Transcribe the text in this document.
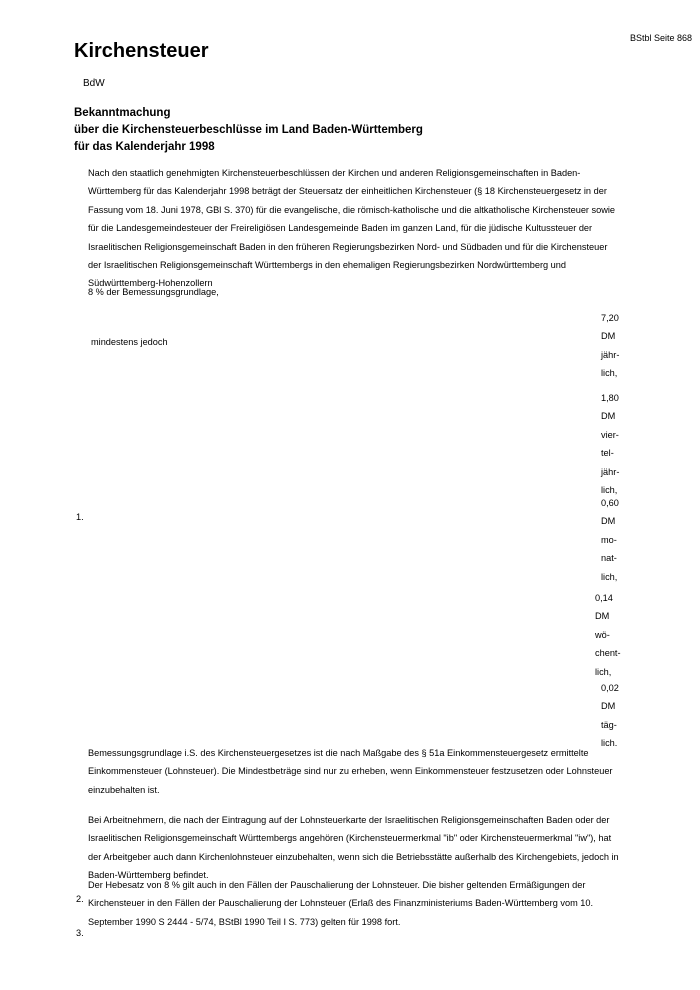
BStbl Seite 868
Kirchensteuer
BdW
Bekanntmachung
über die Kirchensteuerbeschlüsse im Land Baden-Württemberg
für das Kalenderjahr 1998
Nach den staatlich genehmigten Kirchensteuerbeschlüssen der Kirchen und anderen Religionsgemeinschaften in Baden-Württemberg für das Kalenderjahr 1998 beträgt der Steuersatz der einheitlichen Kirchensteuer (§ 18 Kirchensteuergesetz in der Fassung vom 18. Juni 1978, GBl S. 370) für die evangelische, die römisch-katholische und die altkatholische Kirchensteuer sowie für die Landesgemeindesteuer der Freireligiösen Landesgemeinde Baden im ganzen Land, für die jüdische Kultussteuer der Israelitischen Religionsgemeinschaft Baden in den früheren Regierungsbezirken Nord- und Südbaden und für die Kirchensteuer der Israelitischen Religionsgemeinschaft Württembergs in den ehemaligen Regierungsbezirken Nordwürttemberg und Südwürttemberg-Hohenzollern
8 % der Bemessungsgrundlage,
mindestens jedoch
1.
2.
3.
7,20
DM
jähr-
lich,
1,80
DM
vier-
tel-
jähr-
lich,
0,60
DM
mo-
nat-
lich,
0,14
DM
wö-
chent-
lich,
0,02
DM
täg-
lich.
Bemessungsgrundlage i.S. des Kirchensteuergesetzes ist die nach Maßgabe des § 51a Einkommensteuergesetz ermittelte Einkommensteuer (Lohnsteuer). Die Mindestbeträge sind nur zu erheben, wenn Einkommensteuer festzusetzen oder Lohnsteuer einzubehalten ist.
Bei Arbeitnehmern, die nach der Eintragung auf der Lohnsteuerkarte der Israelitischen Religionsgemeinschaften Baden oder der Israelitischen Religionsgemeinschaft Württembergs angehören (Kirchensteuermerkmal "ib" oder Kirchensteuermerkmal "iw"), hat der Arbeitgeber auch dann Kirchenlohnsteuer einzubehalten, wenn sich die Betriebsstätte außerhalb des Kirchengebiets, jedoch in Baden-Württemberg befindet.
Der Hebesatz von 8 % gilt auch in den Fällen der Pauschalierung der Lohnsteuer. Die bisher geltenden Ermäßigungen der Kirchensteuer in den Fällen der Pauschalierung der Lohnsteuer (Erlaß des Finanzministeriums Baden-Württemberg vom 10. September 1990 S 2444 - 5/74, BStBl 1990 Teil I S. 773) gelten für 1998 fort.
